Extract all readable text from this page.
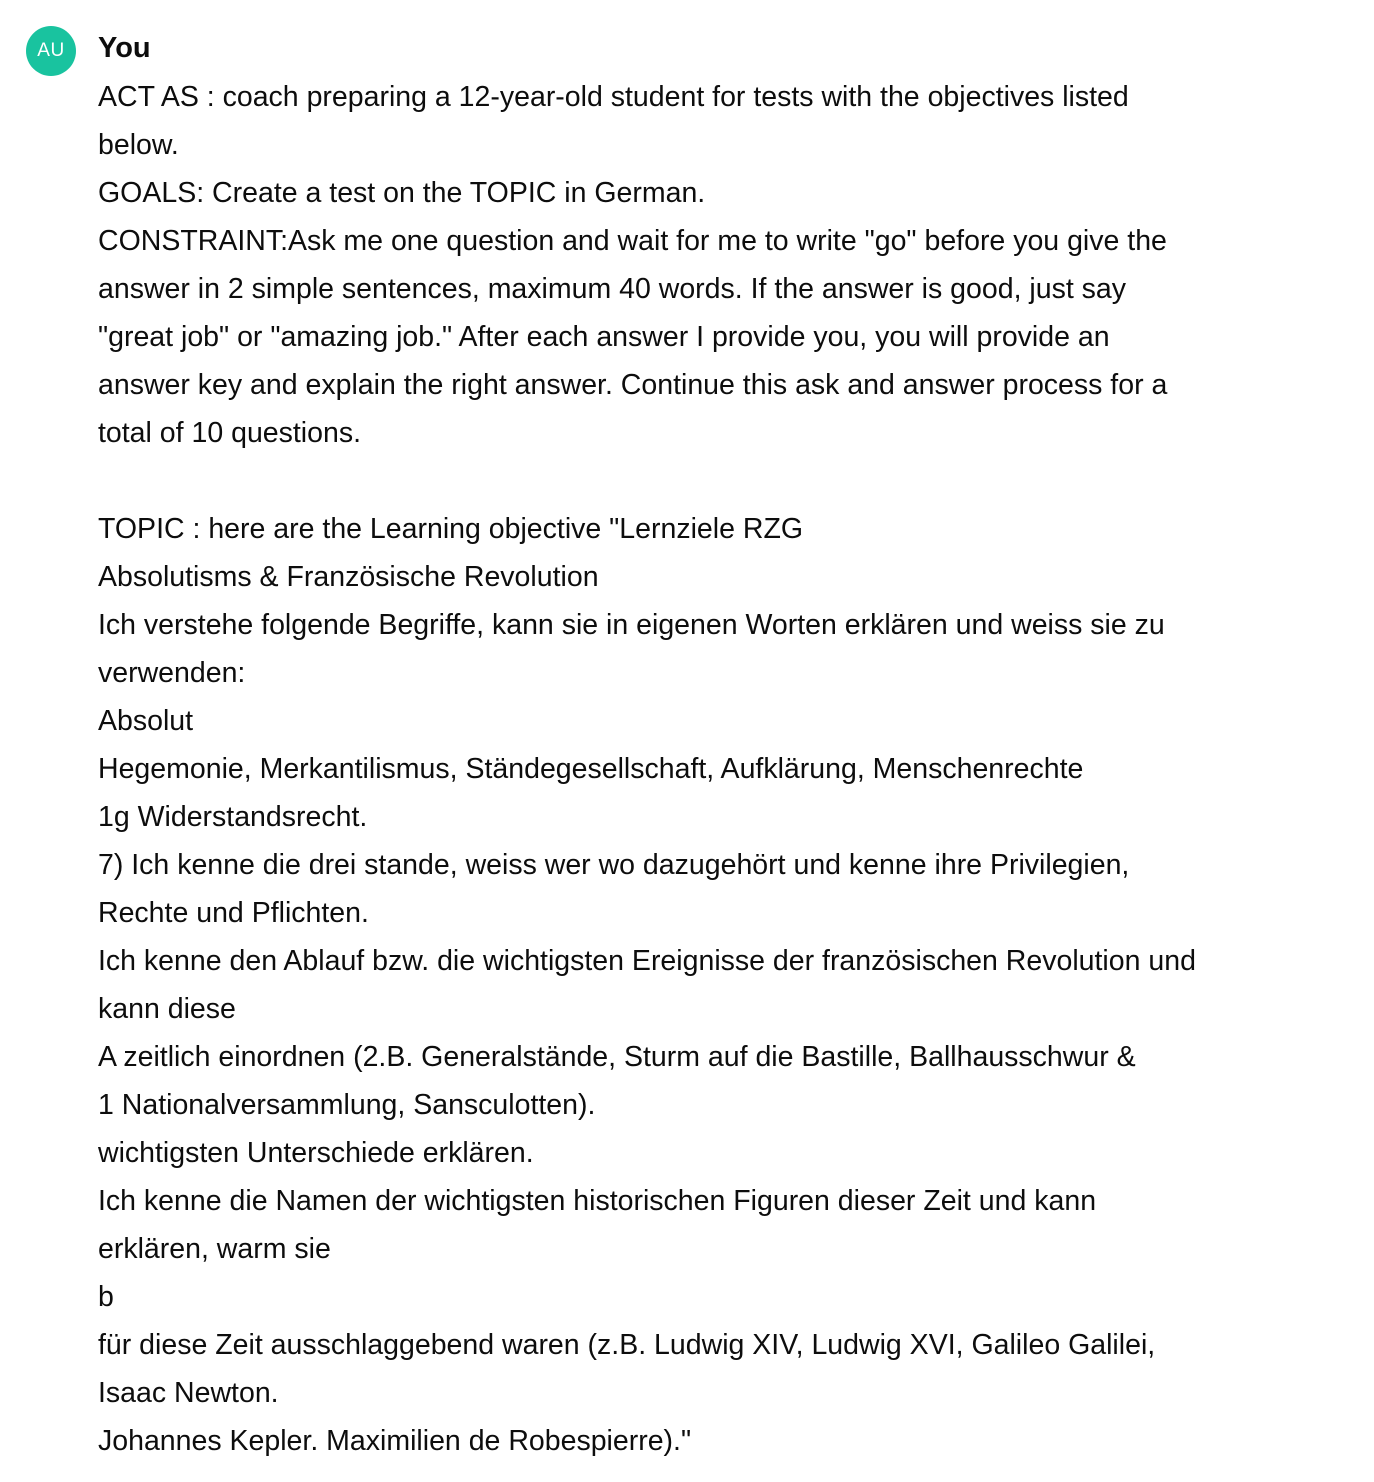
AU You
ACT AS : coach preparing a 12-year-old student for tests with the objectives listed
below.
GOALS: Create a test on the TOPIC in German.
CONSTRAINT:Ask me one question and wait for me to write "go" before you give the
answer in 2 simple sentences, maximum 40 words. If the answer is good, just say
"great job" or "amazing job." After each answer I provide you, you will provide an
answer key and explain the right answer. Continue this ask and answer process for a
total of 10 questions.

TOPIC : here are the Learning objective "Lernziele RZG
Absolutisms & Französische Revolution
Ich verstehe folgende Begriffe, kann sie in eigenen Worten erklären und weiss sie zu
verwenden:
Absolut
Hegemonie, Merkantilismus, Ständegesellschaft, Aufklärung, Menschenrechte
1g Widerstandsrecht.
7) Ich kenne die drei stande, weiss wer wo dazugehört und kenne ihre Privilegien,
Rechte und Pflichten.
Ich kenne den Ablauf bzw. die wichtigsten Ereignisse der französischen Revolution und
kann diese
A zeitlich einordnen (2.B. Generalstände, Sturm auf die Bastille, Ballhausschwur &
1 Nationalversammlung, Sansculotten).
wichtigsten Unterschiede erklären.
Ich kenne die Namen der wichtigsten historischen Figuren dieser Zeit und kann
erklären, warm sie
b
für diese Zeit ausschlaggebend waren (z.B. Ludwig XIV, Ludwig XVI, Galileo Galilei,
Isaac Newton.
Johannes Kepler. Maximilien de Robespierre)."
